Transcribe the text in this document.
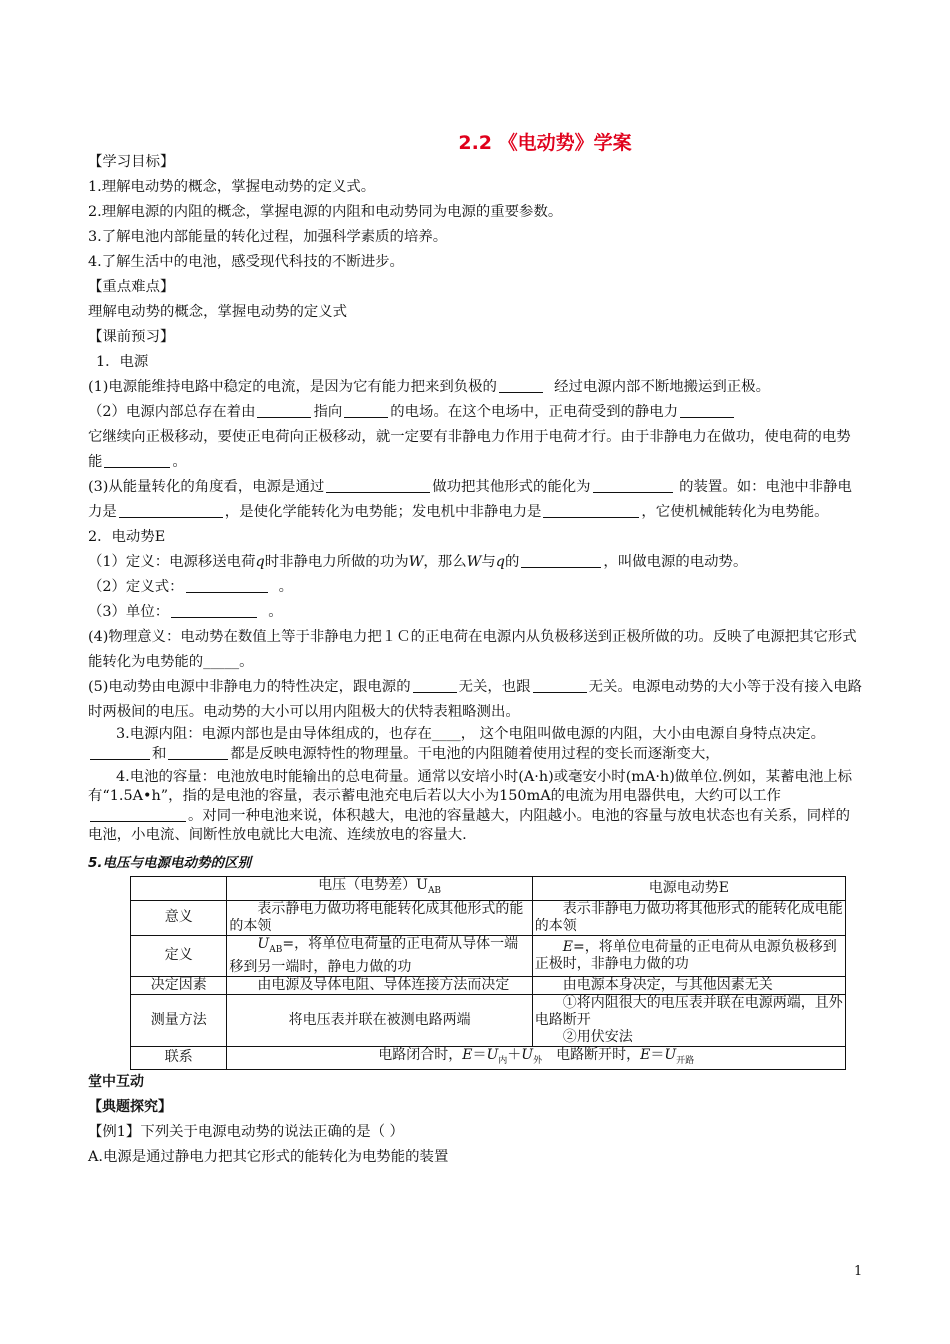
2.2 《电动势》学案
【学习目标】
1.理解电动势的概念，掌握电动势的定义式。
2.理解电源的内阻的概念，掌握电源的内阻和电动势同为电源的重要参数。
3.了解电池内部能量的转化过程，加强科学素质的培养。
4.了解生活中的电池，感受现代科技的不断进步。
【重点难点】
理解电动势的概念，掌握电动势的定义式
【课前预习】
1．电源
(1)电源能维持电路中稳定的电流，是因为它有能力把来到负极的	经过电源内部不断地搬运到正极。
（2）电源内部总存在着由	指向	的电场。在这个电场中，正电荷受到的静电力
它继续向正极移动，要使正电荷向正极移动，就一定要有非静电力作用于电荷才行。由于非静电力在做功，使电荷的电势能	。
(3)从能量转化的角度看，电源是通过	做功把其他形式的能化为	的装置。如：电池中非静电力是	，是使化学能转化为电势能；发电机中非静电力是	，它使机械能转化为电势能。
2．电动势E
（1）定义：电源移送电荷q时非静电力所做的功为W，那么W与q的	，叫做电源的电动势。
（2）定义式：	。
（3）单位：	。
(4)物理意义：电动势在数值上等于非静电力把１Ｃ的正电荷在电源内从负极移送到正极所做的功。反映了电源把其它形式能转化为电势能的_____。
(5)电动势由电源中非静电力的特性决定，跟电源的	无关，也跟	无关。电源电动势的大小等于没有接入电路时两极间的电压。电动势的大小可以用内阻极大的伏特表粗略测出。
3.电源内阻：电源内部也是由导体组成的，也存在____， 这个电阻叫做电源的内阻，大小由电源自身特点决定。和	都是反映电源特性的物理量。干电池的内阻随着使用过程的变长而逐渐变大，
4.电池的容量：电池放电时能输出的总电荷量。通常以安培小时(A·h)或毫安小时(mA·h)做单位.例如，某蓄电池上标有“1.5A•h”，指的是电池的容量，表示蓄电池充电后若以大小为150mA的电流为用电器供电，大约可以工作。对同一种电池来说，体积越大，电池的容量越大，内阻越小。电池的容量与放电状态也有关系，同样的电池，小电流、间断性放电就比大电流、连续放电的容量大.
5.电压与电源电动势的区别
	电压（电势差）$U_{AB}$	电源电动势E
意义	表示静电力做功将电能转化成其他形式的能的本领	表示非静电力做功将其他形式的能转化成电能的本领
定义	$U_{AB}=$，将单位电荷量的正电荷从导体一端移到另一端时，静电力做的功	E=，将单位电荷量的正电荷从电源负极移到正极时，非静电力做的功
决定因素	由电源及导体电阻、导体连接方法而决定	由电源本身决定，与其他因素无关
测量方法	将电压表并联在被测电路两端	①将内阻很大的电压表并联在电源两端，且外电路断开
②用伏安法

联系	电路闭合时，$E=U_内+U_外$　电路断开时，$E=U_{开路}$
堂中互动
【典题探究】
【例1】下列关于电源电动势的说法正确的是（ ）
A.电源是通过静电力把其它形式的能转化为电势能的装置
1
